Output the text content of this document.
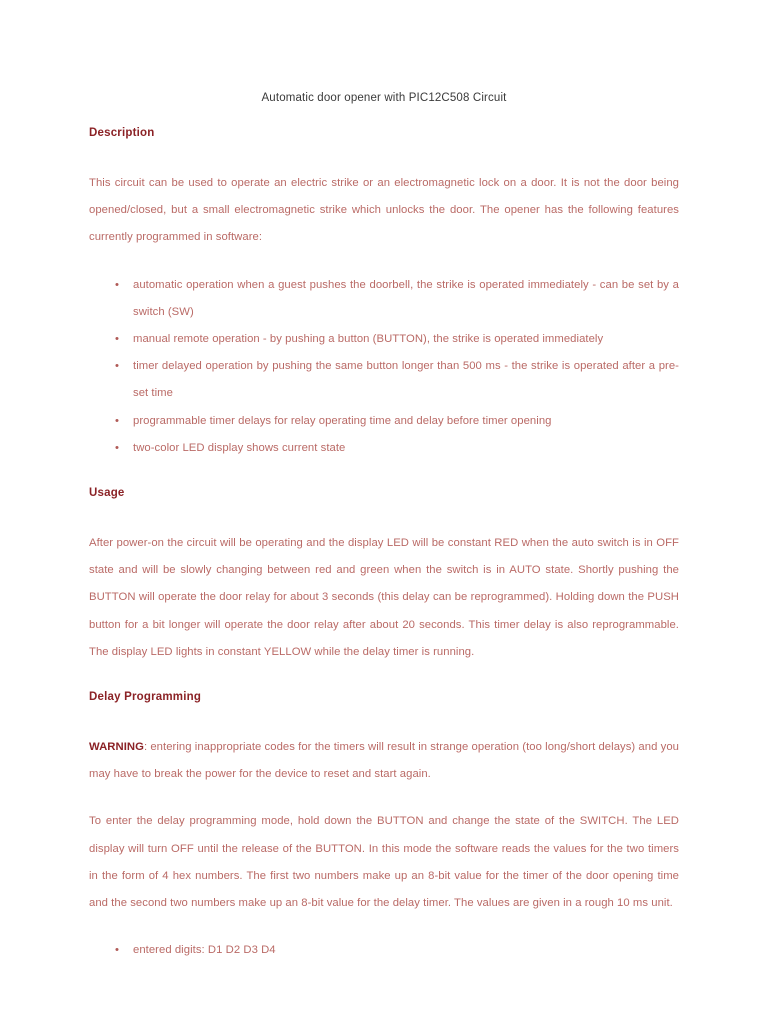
Automatic door opener with PIC12C508 Circuit
Description

This circuit can be used to operate an electric strike or an electromagnetic lock on a door. It is not the door being opened/closed, but a small electromagnetic strike which unlocks the door. The opener has the following features currently programmed in software:

•	automatic operation when a guest pushes the doorbell, the strike is operated immediately - can be set by a switch (SW)
•	manual remote operation - by pushing a button (BUTTON), the strike is operated immediately
•	timer delayed operation by pushing the same button longer than 500 ms - the strike is operated after a pre-set time
•	programmable timer delays for relay operating time and delay before timer opening
•	two-color LED display shows current state
Usage

After power-on the circuit will be operating and the display LED will be constant RED when the auto switch is in OFF state and will be slowly changing between red and green when the switch is in AUTO state. Shortly pushing the BUTTON will operate the door relay for about 3 seconds (this delay can be reprogrammed). Holding down the PUSH button for a bit longer will operate the door relay after about 20 seconds. This timer delay is also reprogrammable. The display LED lights in constant YELLOW while the delay timer is running.

Delay Programming

WARNING: entering inappropriate codes for the timers will result in strange operation (too long/short delays) and you may have to break the power for the device to reset and start again.

To enter the delay programming mode, hold down the BUTTON and change the state of the SWITCH. The LED display will turn OFF until the release of the BUTTON. In this mode the software reads the values for the two timers in the form of 4 hex numbers. The first two numbers make up an 8-bit value for the timer of the door opening time and the second two numbers make up an 8-bit value for the delay timer. The values are given in a rough 10 ms unit.

•	entered digits: D1 D2 D3 D4
